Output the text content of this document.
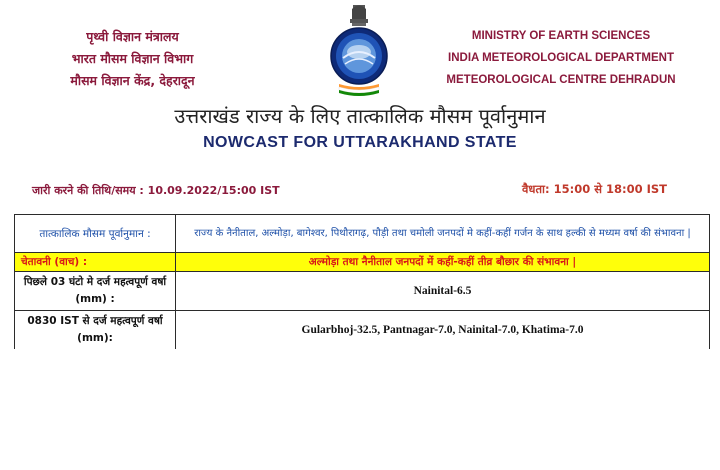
पृथ्वी विज्ञान मंत्रालय
भारत मौसम विज्ञान विभाग
मौसम विज्ञान केंद्र, देहरादून
MINISTRY OF EARTH SCIENCES
INDIA METEOROLOGICAL DEPARTMENT
METEOROLOGICAL CENTRE DEHRADUN
उत्तराखंड राज्य के लिए तात्कालिक मौसम पूर्वानुमान
NOWCAST FOR UTTARAKHAND STATE
जारी करने की तिथि/समय : 10.09.2022/15:00 IST	वैधता: 15:00 से 18:00 IST
तात्कालिक मौसम पूर्वानुमान :	राज्य के नैनीताल, अल्मोड़ा, बागेश्वर, पिथौरागढ़, पौड़ी तथा चमोली जनपदों मे कहीं-कहीं गर्जन के साथ हल्की से मध्यम वर्षा की संभावना |
चेतावनी (वाच) :	अल्मोड़ा तथा नैनीताल जनपदों में कहीं-कहीं तीव्र बौछार की संभावना |
पिछले 03 घंटो मे दर्ज महत्वपूर्ण वर्षा (mm) :	Nainital-6.5
0830 IST से दर्ज महत्वपूर्ण वर्षा (mm):	Gularbhoj-32.5, Pantnagar-7.0, Nainital-7.0, Khatima-7.0
